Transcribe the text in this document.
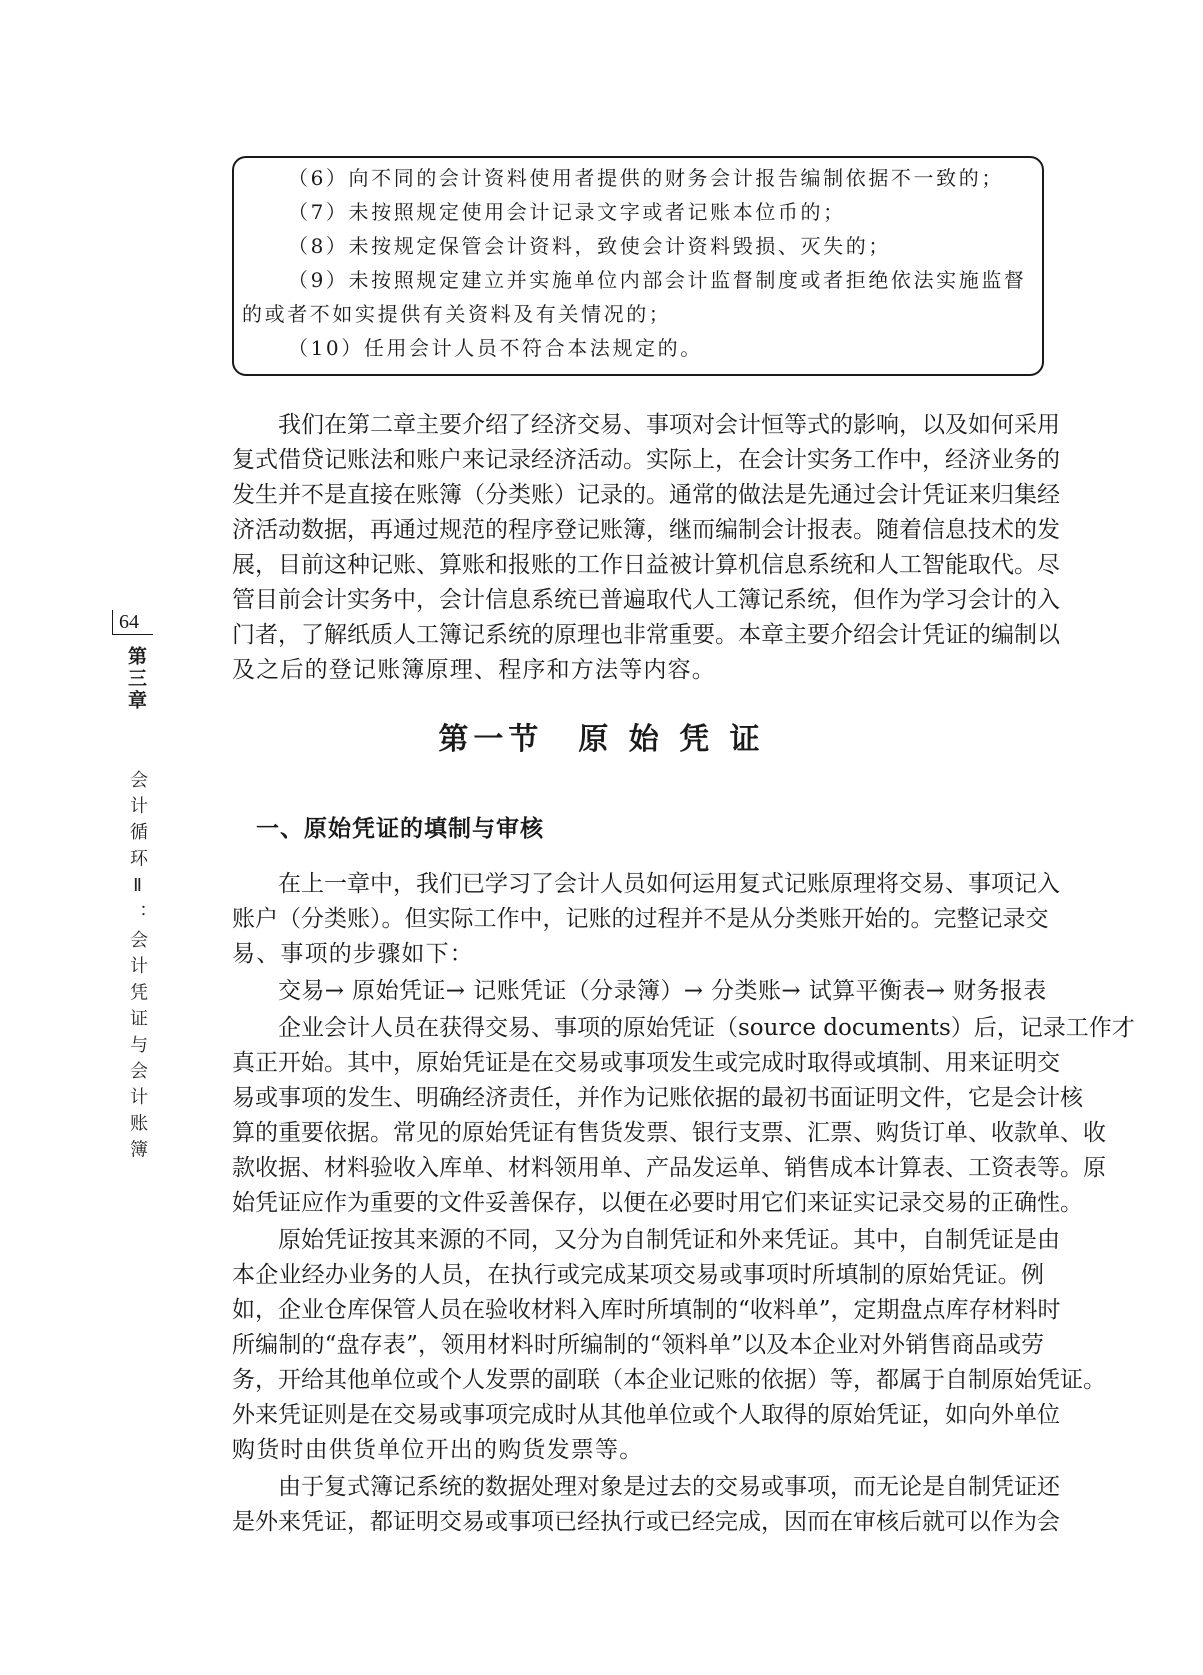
64
第三章
会计循环Ⅱ：会计凭证与会计账簿
（6）向不同的会计资料使用者提供的财务会计报告编制依据不一致的；
（7）未按照规定使用会计记录文字或者记账本位币的；
（8）未按规定保管会计资料，致使会计资料毁损、灭失的；
（9）未按照规定建立并实施单位内部会计监督制度或者拒绝依法实施监督
的或者不如实提供有关资料及有关情况的；
（10）任用会计人员不符合本法规定的。
我们在第二章主要介绍了经济交易、事项对会计恒等式的影响，以及如何采用
复式借贷记账法和账户来记录经济活动。实际上，在会计实务工作中，经济业务的
发生并不是直接在账簿（分类账）记录的。通常的做法是先通过会计凭证来归集经
济活动数据，再通过规范的程序登记账簿，继而编制会计报表。随着信息技术的发
展，目前这种记账、算账和报账的工作日益被计算机信息系统和人工智能取代。尽
管目前会计实务中，会计信息系统已普遍取代人工簿记系统，但作为学习会计的入
门者，了解纸质人工簿记系统的原理也非常重要。本章主要介绍会计凭证的编制以
及之后的登记账簿原理、程序和方法等内容。
第一节　原 始 凭 证
一、原始凭证的填制与审核
在上一章中，我们已学习了会计人员如何运用复式记账原理将交易、事项记入
账户（分类账）。但实际工作中，记账的过程并不是从分类账开始的。完整记录交
易、事项的步骤如下：
交易→ 原始凭证→ 记账凭证（分录簿）→ 分类账→ 试算平衡表→ 财务报表
企业会计人员在获得交易、事项的原始凭证（source documents）后，记录工作才
真正开始。其中，原始凭证是在交易或事项发生或完成时取得或填制、用来证明交
易或事项的发生、明确经济责任，并作为记账依据的最初书面证明文件，它是会计核
算的重要依据。常见的原始凭证有售货发票、银行支票、汇票、购货订单、收款单、收
款收据、材料验收入库单、材料领用单、产品发运单、销售成本计算表、工资表等。原
始凭证应作为重要的文件妥善保存，以便在必要时用它们来证实记录交易的正确性。
原始凭证按其来源的不同，又分为自制凭证和外来凭证。其中，自制凭证是由
本企业经办业务的人员，在执行或完成某项交易或事项时所填制的原始凭证。例
如，企业仓库保管人员在验收材料入库时所填制的“收料单”，定期盘点库存材料时
所编制的“盘存表”，领用材料时所编制的“领料单”以及本企业对外销售商品或劳
务，开给其他单位或个人发票的副联（本企业记账的依据）等，都属于自制原始凭证。
外来凭证则是在交易或事项完成时从其他单位或个人取得的原始凭证，如向外单位
购货时由供货单位开出的购货发票等。
由于复式簿记系统的数据处理对象是过去的交易或事项，而无论是自制凭证还
是外来凭证，都证明交易或事项已经执行或已经完成，因而在审核后就可以作为会
